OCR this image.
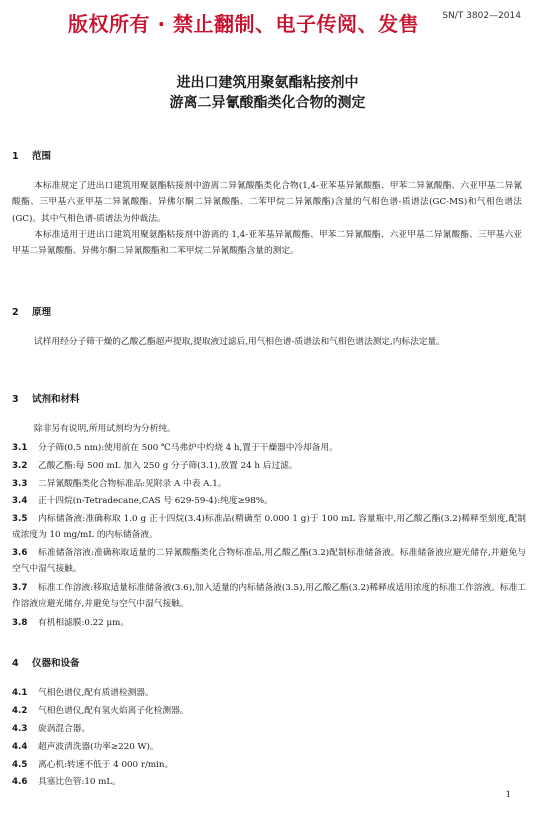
版权所有 · 禁止翻制、电子传阅、发售	SN/T 3802—2014
进出口建筑用聚氨酯粘接剂中
游离二异氰酸酯类化合物的测定
1 范围
本标准规定了进出口建筑用聚氨酯粘接剂中游离二异氰酸酯类化合物(1,4-亚苯基异氰酸酯、甲苯二异氰酸酯、六亚甲基二异氰酸酯、三甲基六亚甲基二异氰酸酯、异佛尔酮二异氰酸酯、二苯甲烷二异氰酸酯)含量的气相色谱-质谱法(GC-MS)和气相色谱法(GC)。其中气相色谱-质谱法为仲裁法。
本标准适用于进出口建筑用聚氨酯粘接剂中游离的 1,4-亚苯基异氰酸酯、甲苯二异氰酸酯、六亚甲基二异氰酸酯、三甲基六亚甲基二异氰酸酯、异佛尔酮二异氰酸酯和二苯甲烷二异氰酸酯含量的测定。
2 原理
试样用经分子筛干燥的乙酸乙酯超声提取,提取液过滤后,用气相色谱-质谱法和气相色谱法测定,内标法定量。
3 试剂和材料
除非另有说明,所用试剂均为分析纯。
3.1 分子筛(0.5 nm):使用前在 500 ℃马弗炉中灼烧 4 h,置于干燥器中冷却备用。
3.2 乙酸乙酯:每 500 mL 加入 250 g 分子筛(3.1),放置 24 h 后过滤。
3.3 二异氰酸酯类化合物标准品:见附录 A 中表 A.1。
3.4 正十四烷(n-Tetradecane,CAS 号 629-59-4):纯度≥98%。
3.5 内标储备液:准确称取 1.0 g 正十四烷(3.4)标准品(精确至 0.000 1 g)于 100 mL 容量瓶中,用乙酸乙酯(3.2)稀释至刻度,配制成浓度为 10 mg/mL 的内标储备液。
3.6 标准储备溶液:准确称取适量的二异氰酸酯类化合物标准品,用乙酸乙酯(3.2)配制标准储备液。标准储备液应避光储存,并避免与空气中湿气接触。
3.7 标准工作溶液:移取适量标准储备液(3.6),加入适量的内标储备液(3.5),用乙酸乙酯(3.2)稀释成适用浓度的标准工作溶液。标准工作溶液应避光储存,并避免与空气中湿气接触。
3.8 有机相滤膜:0.22 μm。
4 仪器和设备
4.1 气相色谱仪,配有质谱检测器。
4.2 气相色谱仪,配有氢火焰离子化检测器。
4.3 旋涡混合器。
4.4 超声波清洗器(功率≥220 W)。
4.5 离心机:转速不低于 4 000 r/min。
4.6 具塞比色管:10 mL。
1
